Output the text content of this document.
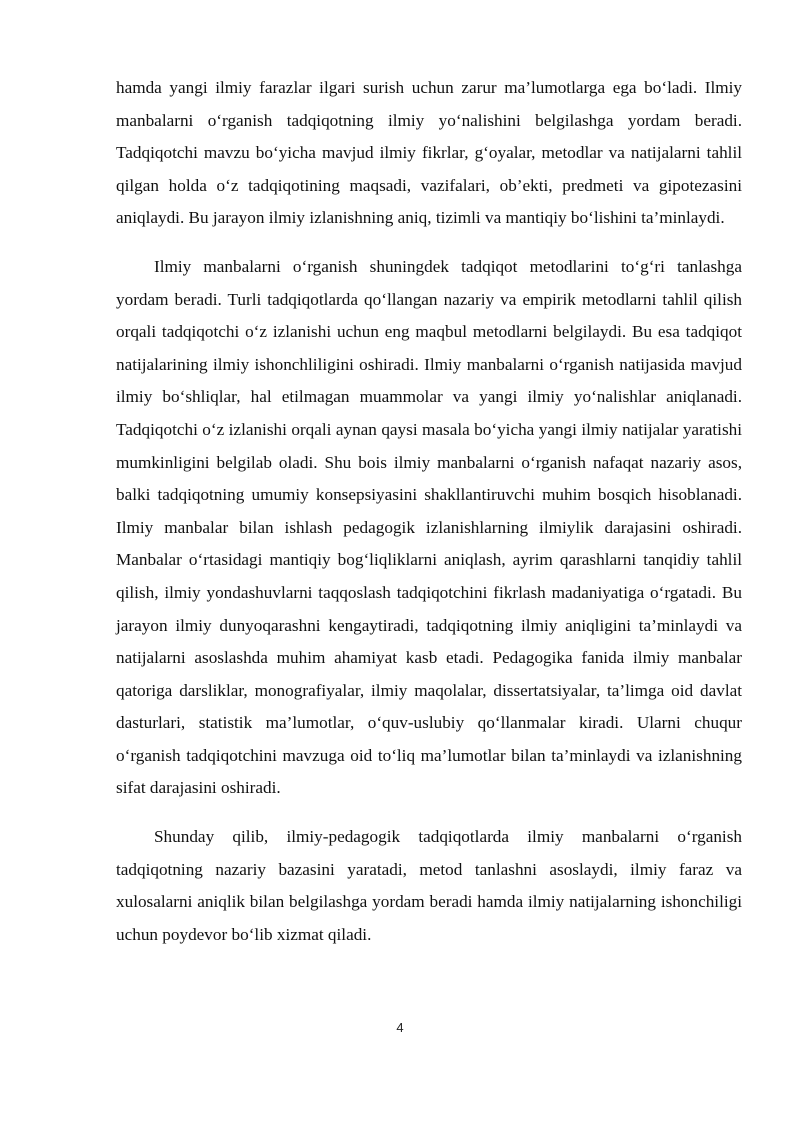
hamda yangi ilmiy farazlar ilgari surish uchun zarur ma’lumotlarga ega bo‘ladi. Ilmiy manbalarni o‘rganish tadqiqotning ilmiy yo‘nalishini belgilashga yordam beradi. Tadqiqotchi mavzu bo‘yicha mavjud ilmiy fikrlar, g‘oyalar, metodlar va natijalarni tahlil qilgan holda o‘z tadqiqotining maqsadi, vazifalari, ob’ekti, predmeti va gipotezasini aniqlaydi. Bu jarayon ilmiy izlanishning aniq, tizimli va mantiqiy bo‘lishini ta’minlaydi.

Ilmiy manbalarni o‘rganish shuningdek tadqiqot metodlarini to‘g‘ri tanlashga yordam beradi. Turli tadqiqotlarda qo‘llangan nazariy va empirik metodlarni tahlil qilish orqali tadqiqotchi o‘z izlanishi uchun eng maqbul metodlarni belgilaydi. Bu esa tadqiqot natijalarining ilmiy ishonchliligini oshiradi. Ilmiy manbalarni o‘rganish natijasida mavjud ilmiy bo‘shliqlar, hal etilmagan muammolar va yangi ilmiy yo‘nalishlar aniqlanadi. Tadqiqotchi o‘z izlanishi orqali aynan qaysi masala bo‘yicha yangi ilmiy natijalar yaratishi mumkinligini belgilab oladi. Shu bois ilmiy manbalarni o‘rganish nafaqat nazariy asos, balki tadqiqotning umumiy konsepsiyasini shakllantiruvchi muhim bosqich hisoblanadi. Ilmiy manbalar bilan ishlash pedagogik izlanishlarning ilmiylik darajasini oshiradi. Manbalar o‘rtasidagi mantiqiy bog‘liqliklarni aniqlash, ayrim qarashlarni tanqidiy tahlil qilish, ilmiy yondashuvlarni taqqoslash tadqiqotchini fikrlash madaniyatiga o‘rgatadi. Bu jarayon ilmiy dunyoqarashni kengaytiradi, tadqiqotning ilmiy aniqligini ta’minlaydi va natijalarni asoslashda muhim ahamiyat kasb etadi. Pedagogika fanida ilmiy manbalar qatoriga darsliklar, monografiyalar, ilmiy maqolalar, dissertatsiyalar, ta’limga oid davlat dasturlari, statistik ma’lumotlar, o‘quv-uslubiy qo‘llanmalar kiradi. Ularni chuqur o‘rganish tadqiqotchini mavzuga oid to‘liq ma’lumotlar bilan ta’minlaydi va izlanishning sifat darajasini oshiradi.

Shunday qilib, ilmiy-pedagogik tadqiqotlarda ilmiy manbalarni o‘rganish tadqiqotning nazariy bazasini yaratadi, metod tanlashni asoslaydi, ilmiy faraz va xulosalarni aniqlik bilan belgilashga yordam beradi hamda ilmiy natijalarning ishonchiligi uchun poydevor bo‘lib xizmat qiladi.

4
